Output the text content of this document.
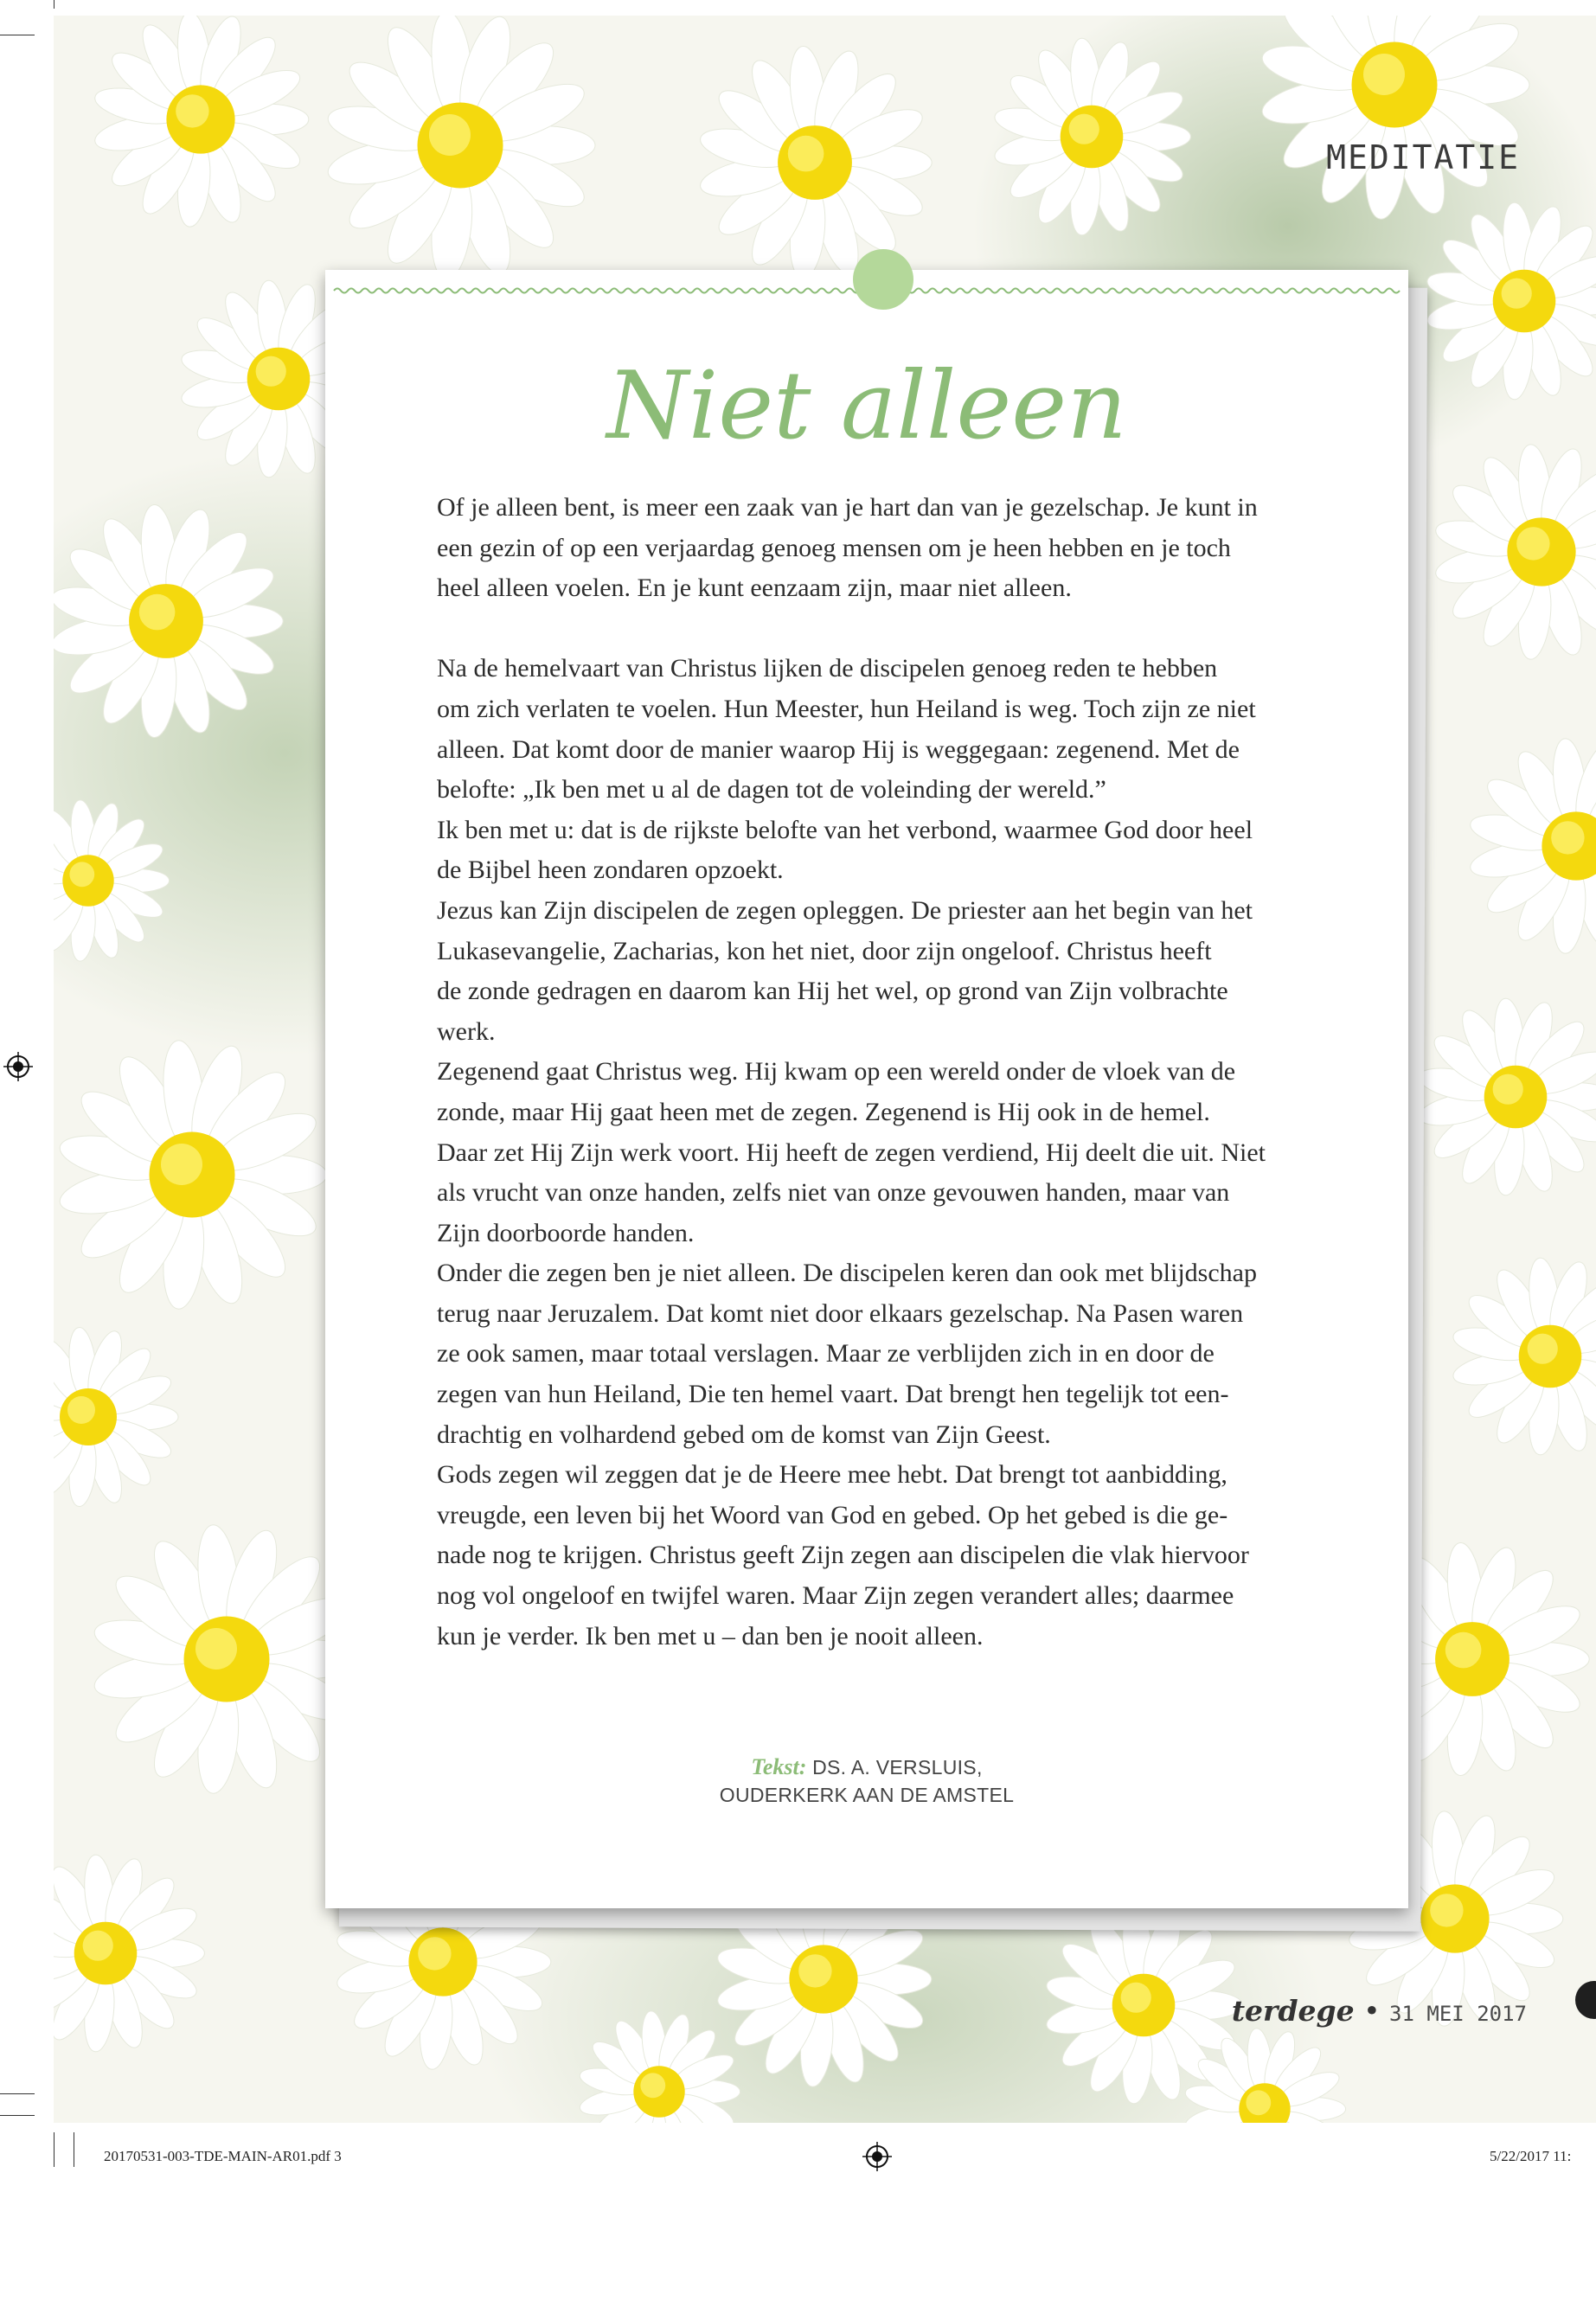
20170531-003-TDE-MAIN-AR01.pdf 3	5/22/2017 11:
MEDITATIE
Niet alleen

Of je alleen bent, is meer een zaak van je hart dan van je gezelschap. Je kunt in

een gezin of op een verjaardag genoeg mensen om je heen hebben en je toch

heel alleen voelen. En je kunt eenzaam zijn, maar niet alleen.

Na de hemelvaart van Christus lijken de discipelen genoeg reden te hebben

om zich verlaten te voelen. Hun Meester, hun Heiland is weg. Toch zijn ze niet

alleen. Dat komt door de manier waarop Hij is weggegaan: zegenend. Met de

belofte: „Ik ben met u al de dagen tot de voleinding der wereld.”

Ik ben met u: dat is de rijkste belofte van het verbond, waarmee God door heel

de Bijbel heen zondaren opzoekt.

Jezus kan Zijn discipelen de zegen opleggen. De priester aan het begin van het

Lukasevangelie, Zacharias, kon het niet, door zijn ongeloof. Christus heeft

de zonde gedragen en daarom kan Hij het wel, op grond van Zijn volbrachte

werk.

Zegenend gaat Christus weg. Hij kwam op een wereld onder de vloek van de

zonde, maar Hij gaat heen met de zegen. Zegenend is Hij ook in de hemel.

Daar zet Hij Zijn werk voort. Hij heeft de zegen verdiend, Hij deelt die uit. Niet

als vrucht van onze handen, zelfs niet van onze gevouwen handen, maar van

Zijn doorboorde handen.

Onder die zegen ben je niet alleen. De discipelen keren dan ook met blijdschap

terug naar Jeruzalem. Dat komt niet door elkaars gezelschap. Na Pasen waren

ze ook samen, maar totaal verslagen. Maar ze verblijden zich in en door de

zegen van hun Heiland, Die ten hemel vaart. Dat brengt hen tegelijk tot een-

drachtig en volhardend gebed om de komst van Zijn Geest.

Gods zegen wil zeggen dat je de Heere mee hebt. Dat brengt tot aanbidding,

vreugde, een leven bij het Woord van God en gebed. Op het gebed is die ge-

nade nog te krijgen. Christus geeft Zijn zegen aan discipelen die vlak hiervoor

nog vol ongeloof en twijfel waren. Maar Zijn zegen verandert alles; daarmee

kun je verder. Ik ben met u – dan ben je nooit alleen.

Tekst: DS. A. VERSLUIS,
OUDERKERK AAN DE AMSTEL
terdege • 31 MEI 2017
